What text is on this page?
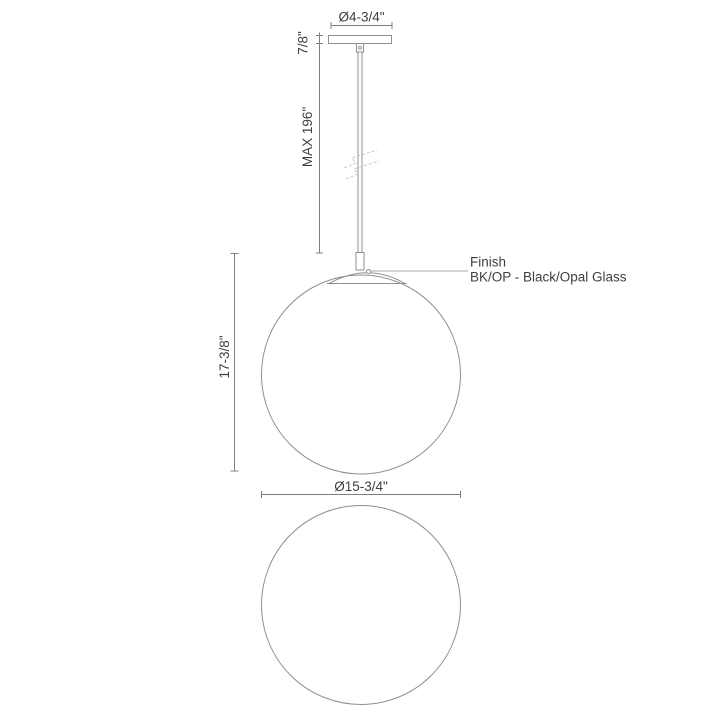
Ø4-3/4"
7/8"
MAX 196"
Finish
BK/OP - Black/Opal Glass
17-3/8"
Ø15-3/4"
